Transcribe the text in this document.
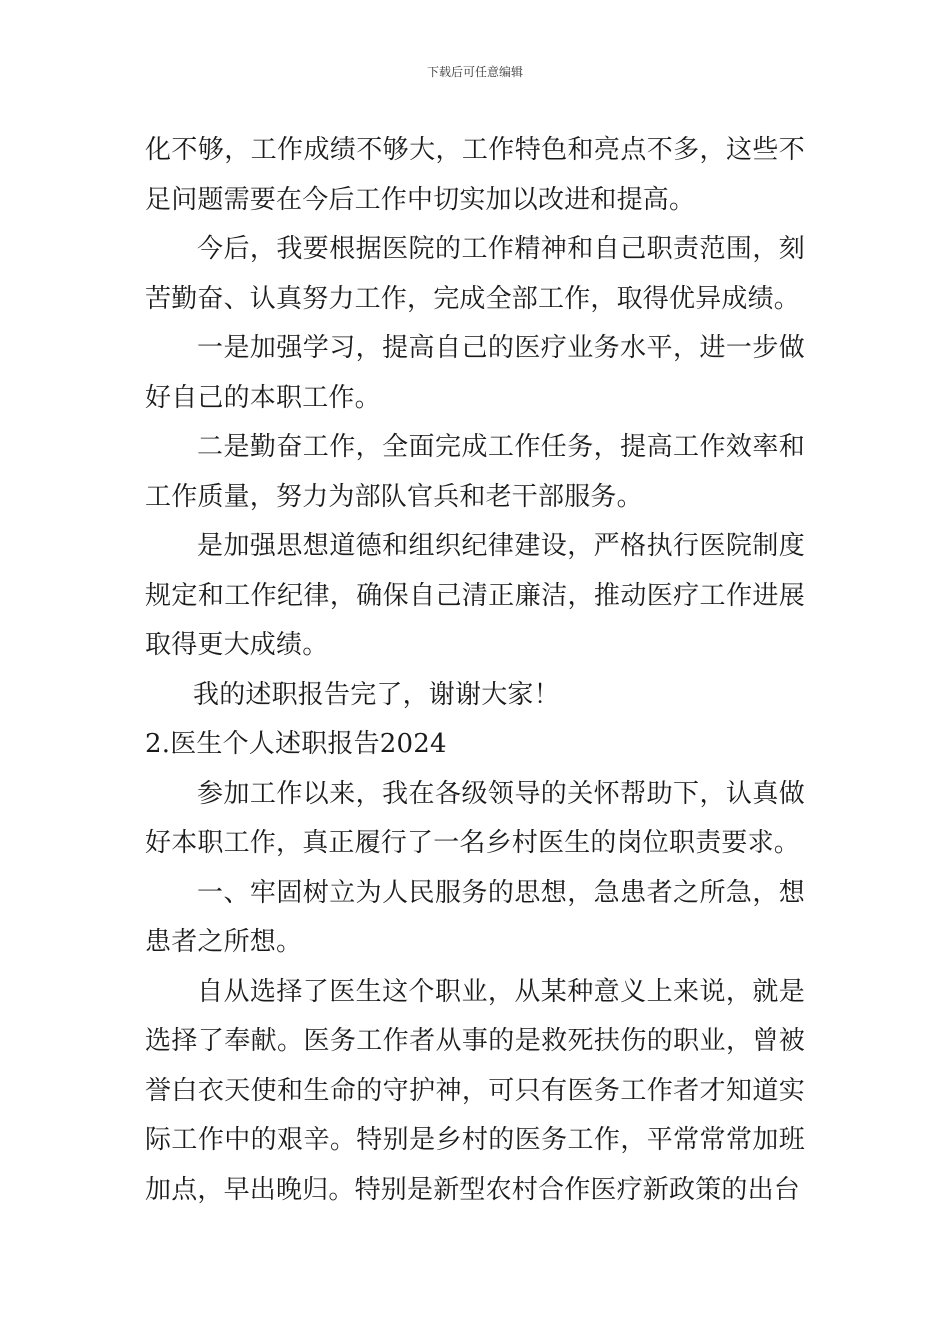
下载后可任意编辑

化不够，工作成绩不够大，工作特色和亮点不多，这些不足问题需要在今后工作中切实加以改进和提高。

今后，我要根据医院的工作精神和自己职责范围，刻苦勤奋、认真努力工作，完成全部工作，取得优异成绩。

一是加强学习，提高自己的医疗业务水平，进一步做好自己的本职工作。

二是勤奋工作，全面完成工作任务，提高工作效率和工作质量，努力为部队官兵和老干部服务。

是加强思想道德和组织纪律建设，严格执行医院制度规定和工作纪律，确保自己清正廉洁，推动医疗工作进展取得更大成绩。

我的述职报告完了，谢谢大家！

2.医生个人述职报告2024

参加工作以来，我在各级领导的关怀帮助下，认真做好本职工作，真正履行了一名乡村医生的岗位职责要求。

一、牢固树立为人民服务的思想，急患者之所急，想患者之所想。

自从选择了医生这个职业，从某种意义上来说，就是选择了奉献。医务工作者从事的是救死扶伤的职业，曾被誉白衣天使和生命的守护神，可只有医务工作者才知道实际工作中的艰辛。特别是乡村的医务工作，平常常常加班加点，早出晚归。特别是新型农村合作医疗新政策的出台
